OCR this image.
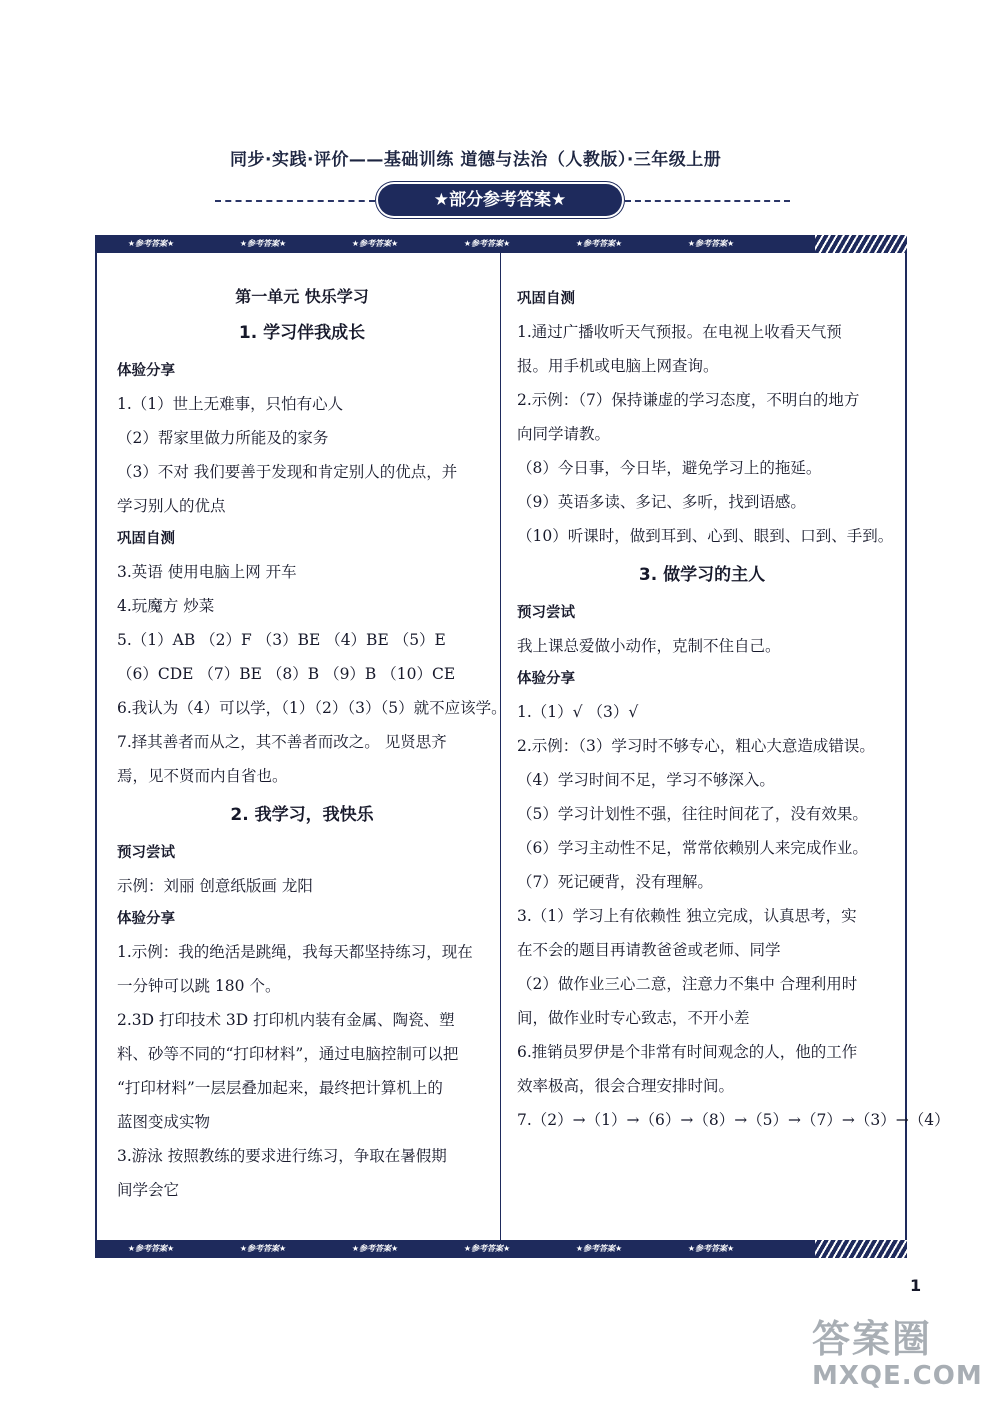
同步·实践·评价——基础训练 道德与法治（人教版）·三年级上册
★部分参考答案★
★参考答案★	★参考答案★	★参考答案★	★参考答案★	★参考答案★	★参考答案★
★参考答案★	★参考答案★	★参考答案★	★参考答案★	★参考答案★	★参考答案★
第一单元 快乐学习
1. 学习伴我成长
体验分享
1.（1）世上无难事，只怕有心人
（2）帮家里做力所能及的家务
（3）不对 我们要善于发现和肯定别人的优点，并
学习别人的优点
巩固自测
3.英语 使用电脑上网 开车
4.玩魔方 炒菜
5.（1）AB （2）F （3）BE （4）BE （5）E
（6）CDE （7）BE （8）B （9）B （10）CE
6.我认为（4）可以学，（1）（2）（3）（5）就不应该学。
7.择其善者而从之，其不善者而改之。 见贤思齐
焉，见不贤而内自省也。
2. 我学习，我快乐
预习尝试
示例：刘丽 创意纸版画 龙阳
体验分享
1.示例：我的绝活是跳绳，我每天都坚持练习，现在
一分钟可以跳 180 个。
2.3D 打印技术 3D 打印机内装有金属、陶瓷、塑
料、砂等不同的“打印材料”，通过电脑控制可以把
“打印材料”一层层叠加起来，最终把计算机上的
蓝图变成实物
3.游泳 按照教练的要求进行练习，争取在暑假期
间学会它
巩固自测
1.通过广播收听天气预报。在电视上收看天气预
报。用手机或电脑上网查询。
2.示例：（7）保持谦虚的学习态度，不明白的地方
向同学请教。
（8）今日事，今日毕，避免学习上的拖延。
（9）英语多读、多记、多听，找到语感。
（10）听课时，做到耳到、心到、眼到、口到、手到。
3. 做学习的主人
预习尝试
我上课总爱做小动作，克制不住自己。
体验分享
1.（1）√ （3）√
2.示例：（3）学习时不够专心，粗心大意造成错误。
（4）学习时间不足，学习不够深入。
（5）学习计划性不强，往往时间花了，没有效果。
（6）学习主动性不足，常常依赖别人来完成作业。
（7）死记硬背，没有理解。
3.（1）学习上有依赖性 独立完成，认真思考，实
在不会的题目再请教爸爸或老师、同学
（2）做作业三心二意，注意力不集中 合理利用时
间，做作业时专心致志，不开小差
6.推销员罗伊是个非常有时间观念的人，他的工作
效率极高，很会合理安排时间。
7.（2）→（1）→（6）→（8）→（5）→（7）→（3）→（4）
1
答案圈
MXQE.COM
